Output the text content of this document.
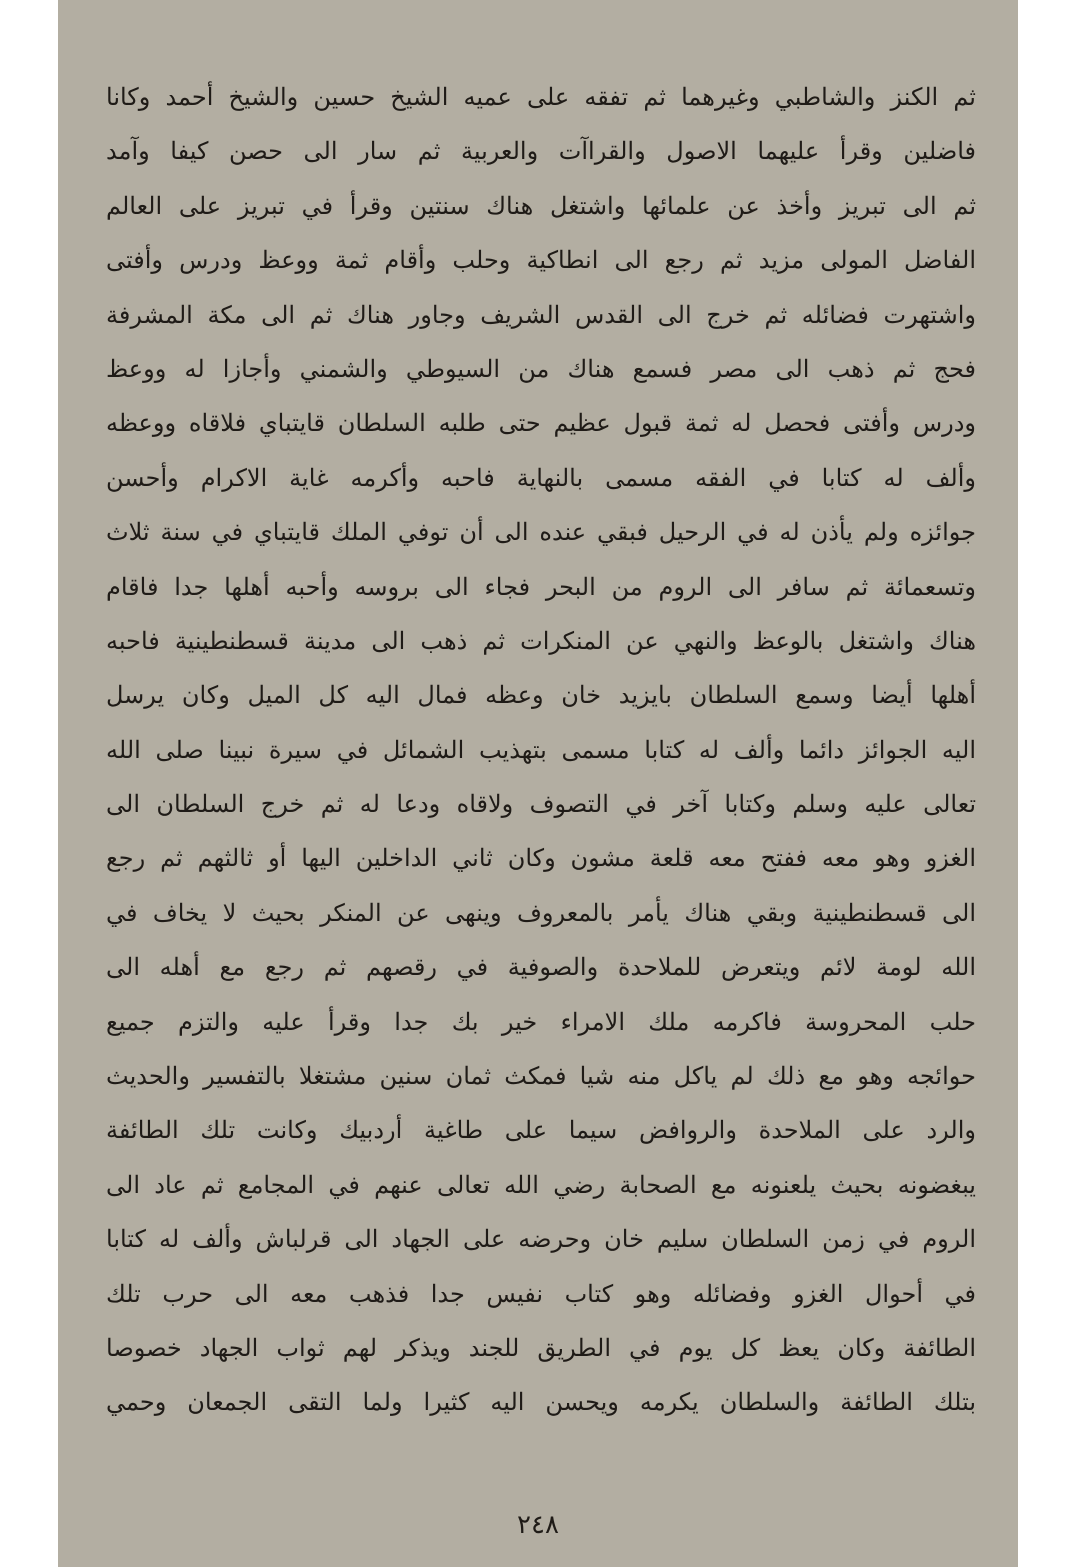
ثم الكنز والشاطبي وغيرهما ثم تفقه على عميه الشيخ حسين والشيخ أحمد وكانا
فاضلين وقرأ عليهما الاصول والقراآت والعربية ثم سار الى حصن كيفا وآمد
ثم الى تبريز وأخذ عن علمائها واشتغل هناك سنتين وقرأ في تبريز على العالم
الفاضل المولى مزيد ثم رجع الى انطاكية وحلب وأقام ثمة ووعظ ودرس وأفتى
واشتهرت فضائله ثم خرج الى القدس الشريف وجاور هناك ثم الى مكة المشرفة
فحج ثم ذهب الى مصر فسمع هناك من السيوطي والشمني وأجازا له ووعظ
ودرس وأفتى فحصل له ثمة قبول عظيم حتى طلبه السلطان قايتباي فلاقاه ووعظه
وألف له كتابا في الفقه مسمى بالنهاية فاحبه وأكرمه غاية الاكرام وأحسن
جوائزه ولم يأذن له في الرحيل فبقي عنده الى أن توفي الملك قايتباي في سنة ثلاث
وتسعمائة ثم سافر الى الروم من البحر فجاء الى بروسه وأحبه أهلها جدا فاقام
هناك واشتغل بالوعظ والنهي عن المنكرات ثم ذهب الى مدينة قسطنطينية فاحبه
أهلها أيضا وسمع السلطان بايزيد خان وعظه فمال اليه كل الميل وكان يرسل
اليه الجوائز دائما وألف له كتابا مسمى بتهذيب الشمائل في سيرة نبينا صلى الله
تعالى عليه وسلم وكتابا آخر في التصوف ولاقاه ودعا له ثم خرج السلطان الى
الغزو وهو معه ففتح معه قلعة مشون وكان ثاني الداخلين اليها أو ثالثهم ثم رجع
الى قسطنطينية وبقي هناك يأمر بالمعروف وينهى عن المنكر بحيث لا يخاف في
الله لومة لائم ويتعرض للملاحدة والصوفية في رقصهم ثم رجع مع أهله الى
حلب المحروسة فاكرمه ملك الامراء خير بك جدا وقرأ عليه والتزم جميع
حوائجه وهو مع ذلك لم ياكل منه شيا فمكث ثمان سنين مشتغلا بالتفسير والحديث
والرد على الملاحدة والروافض سيما على طاغية أردبيك وكانت تلك الطائفة
يبغضونه بحيث يلعنونه مع الصحابة رضي الله تعالى عنهم في المجامع ثم عاد الى
الروم في زمن السلطان سليم خان وحرضه على الجهاد الى قرلباش وألف له كتابا
في أحوال الغزو وفضائله وهو كتاب نفيس جدا فذهب معه الى حرب تلك
الطائفة وكان يعظ كل يوم في الطريق للجند ويذكر لهم ثواب الجهاد خصوصا
بتلك الطائفة والسلطان يكرمه ويحسن اليه كثيرا ولما التقى الجمعان وحمي
٢٤٨
